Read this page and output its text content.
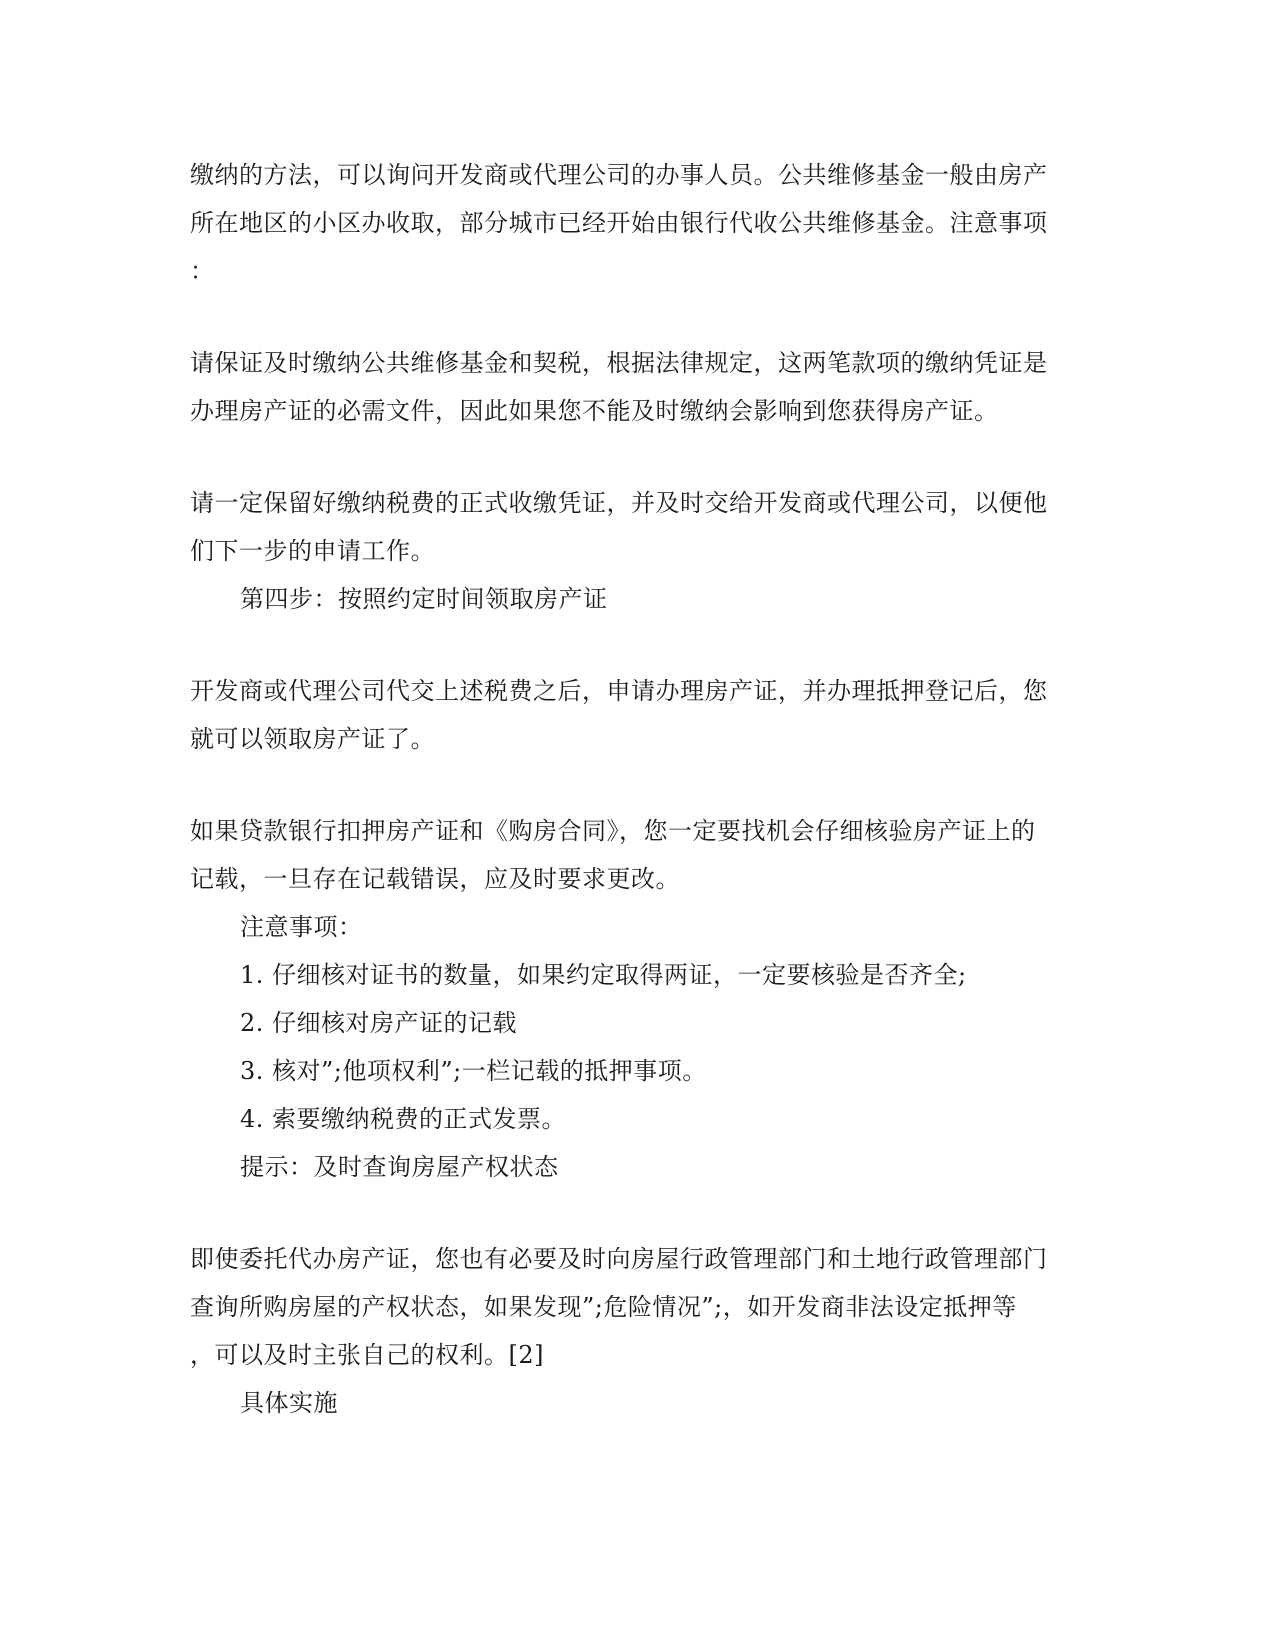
缴纳的方法，可以询问开发商或代理公司的办事人员。公共维修基金一般由房产
所在地区的小区办收取，部分城市已经开始由银行代收公共维修基金。注意事项
：
请保证及时缴纳公共维修基金和契税，根据法律规定，这两笔款项的缴纳凭证是
办理房产证的必需文件，因此如果您不能及时缴纳会影响到您获得房产证。
请一定保留好缴纳税费的正式收缴凭证，并及时交给开发商或代理公司，以便他
们下一步的申请工作。
第四步：按照约定时间领取房产证
开发商或代理公司代交上述税费之后，申请办理房产证，并办理抵押登记后，您
就可以领取房产证了。
如果贷款银行扣押房产证和《购房合同》，您一定要找机会仔细核验房产证上的
记载，一旦存在记载错误，应及时要求更改。
注意事项：
1. 仔细核对证书的数量，如果约定取得两证，一定要核验是否齐全;
2. 仔细核对房产证的记载
3. 核对”;他项权利”;一栏记载的抵押事项。
4. 索要缴纳税费的正式发票。
提示：及时查询房屋产权状态
即使委托代办房产证，您也有必要及时向房屋行政管理部门和土地行政管理部门
查询所购房屋的产权状态，如果发现”;危险情况”;，如开发商非法设定抵押等
，可以及时主张自己的权利。[2]
具体实施
